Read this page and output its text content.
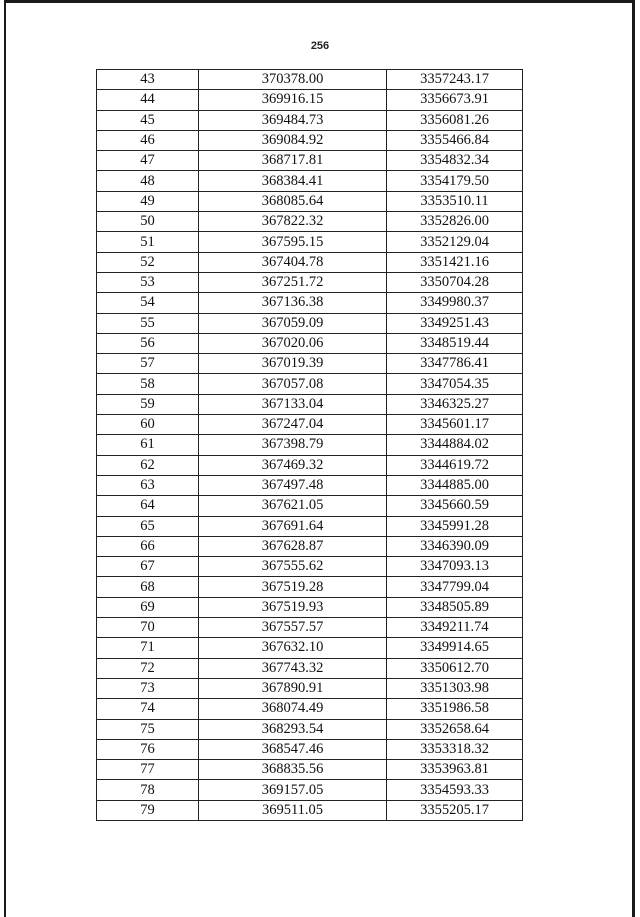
256
43	370378.00	3357243.17
44	369916.15	3356673.91
45	369484.73	3356081.26
46	369084.92	3355466.84
47	368717.81	3354832.34
48	368384.41	3354179.50
49	368085.64	3353510.11
50	367822.32	3352826.00
51	367595.15	3352129.04
52	367404.78	3351421.16
53	367251.72	3350704.28
54	367136.38	3349980.37
55	367059.09	3349251.43
56	367020.06	3348519.44
57	367019.39	3347786.41
58	367057.08	3347054.35
59	367133.04	3346325.27
60	367247.04	3345601.17
61	367398.79	3344884.02
62	367469.32	3344619.72
63	367497.48	3344885.00
64	367621.05	3345660.59
65	367691.64	3345991.28
66	367628.87	3346390.09
67	367555.62	3347093.13
68	367519.28	3347799.04
69	367519.93	3348505.89
70	367557.57	3349211.74
71	367632.10	3349914.65
72	367743.32	3350612.70
73	367890.91	3351303.98
74	368074.49	3351986.58
75	368293.54	3352658.64
76	368547.46	3353318.32
77	368835.56	3353963.81
78	369157.05	3354593.33
79	369511.05	3355205.17
